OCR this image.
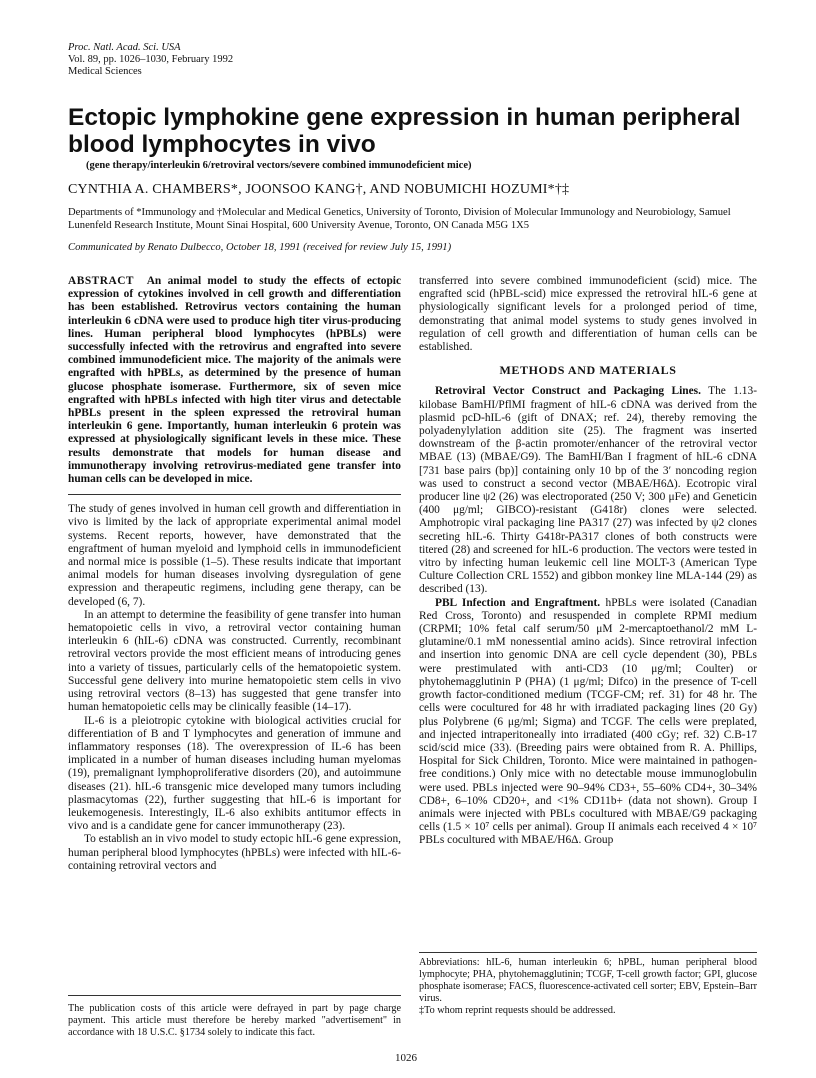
Proc. Natl. Acad. Sci. USA
Vol. 89, pp. 1026–1030, February 1992
Medical Sciences
Ectopic lymphokine gene expression in human peripheral blood lymphocytes in vivo
(gene therapy/interleukin 6/retroviral vectors/severe combined immunodeficient mice)
CYNTHIA A. CHAMBERS*, JOONSOO KANG†, AND NOBUMICHI HOZUMI*†‡
Departments of *Immunology and †Molecular and Medical Genetics, University of Toronto, Division of Molecular Immunology and Neurobiology, Samuel Lunenfeld Research Institute, Mount Sinai Hospital, 600 University Avenue, Toronto, ON Canada M5G 1X5
Communicated by Renato Dulbecco, October 18, 1991 (received for review July 15, 1991)

ABSTRACT An animal model to study the effects of ectopic expression of cytokines involved in cell growth and differentiation has been established. Retrovirus vectors containing the human interleukin 6 cDNA were used to produce high titer virus-producing lines. Human peripheral blood lymphocytes (hPBLs) were successfully infected with the retrovirus and engrafted into severe combined immunodeficient mice. The majority of the animals were engrafted with hPBLs, as determined by the presence of human glucose phosphate isomerase. Furthermore, six of seven mice engrafted with hPBLs infected with high titer virus and detectable hPBLs present in the spleen expressed the retroviral human interleukin 6 gene. Importantly, human interleukin 6 protein was expressed at physiologically significant levels in these mice. These results demonstrate that models for human disease and immunotherapy involving retrovirus-mediated gene transfer into human cells can be developed in mice.

The study of genes involved in human cell growth and differentiation in vivo is limited by the lack of appropriate experimental animal model systems. Recent reports, however, have demonstrated that the engraftment of human myeloid and lymphoid cells in immunodeficient and normal mice is possible (1–5). These results indicate that important animal models for human diseases involving dysregulation of gene expression and therapeutic regimens, including gene therapy, can be developed (6, 7).

In an attempt to determine the feasibility of gene transfer into human hematopoietic cells in vivo, a retroviral vector containing human interleukin 6 (hIL-6) cDNA was constructed. Currently, recombinant retroviral vectors provide the most efficient means of introducing genes into a variety of tissues, particularly cells of the hematopoietic system. Successful gene delivery into murine hematopoietic stem cells in vivo using retroviral vectors (8–13) has suggested that gene transfer into human hematopoietic cells may be clinically feasible (14–17).

IL-6 is a pleiotropic cytokine with biological activities crucial for differentiation of B and T lymphocytes and generation of immune and inflammatory responses (18). The overexpression of IL-6 has been implicated in a number of human diseases including human myelomas (19), premalignant lymphoproliferative disorders (20), and autoimmune diseases (21). hIL-6 transgenic mice developed many tumors including plasmacytomas (22), further suggesting that hIL-6 is important for leukemogenesis. Interestingly, IL-6 also exhibits antitumor effects in vivo and is a candidate gene for cancer immunotherapy (23).

To establish an in vivo model to study ectopic hIL-6 gene expression, human peripheral blood lymphocytes (hPBLs) were infected with hIL-6-containing retroviral vectors and

transferred into severe combined immunodeficient (scid) mice. The engrafted scid (hPBL-scid) mice expressed the retroviral hIL-6 gene at physiologically significant levels for a prolonged period of time, demonstrating that animal model systems to study genes involved in regulation of cell growth and differentiation of human cells can be established.

METHODS AND MATERIALS

Retroviral Vector Construct and Packaging Lines. The 1.13-kilobase BamHI/PflMI fragment of hIL-6 cDNA was derived from the plasmid pcD-hIL-6 (gift of DNAX; ref. 24), thereby removing the polyadenylylation addition site (25). The fragment was inserted downstream of the β-actin promoter/enhancer of the retroviral vector MBAE (13) (MBAE/G9). The BamHI/Ban I fragment of hIL-6 cDNA [731 base pairs (bp)] containing only 10 bp of the 3′ noncoding region was used to construct a second vector (MBAE/H6Δ). Ecotropic viral producer line ψ2 (26) was electroporated (250 V; 300 μFe) and Geneticin (400 μg/ml; GIBCO)-resistant (G418r) clones were selected. Amphotropic viral packaging line PA317 (27) was infected by ψ2 clones secreting hIL-6. Thirty G418r-PA317 clones of both constructs were titered (28) and screened for hIL-6 production. The vectors were tested in vitro by infecting human leukemic cell line MOLT-3 (American Type Culture Collection CRL 1552) and gibbon monkey line MLA-144 (29) as described (13).

PBL Infection and Engraftment. hPBLs were isolated (Canadian Red Cross, Toronto) and resuspended in complete RPMI medium (CRPMI; 10% fetal calf serum/50 μM 2-mercaptoethanol/2 mM L-glutamine/0.1 mM nonessential amino acids). Since retroviral infection and insertion into genomic DNA are cell cycle dependent (30), PBLs were prestimulated with anti-CD3 (10 μg/ml; Coulter) or phytohemagglutinin P (PHA) (1 μg/ml; Difco) in the presence of T-cell growth factor-conditioned medium (TCGF-CM; ref. 31) for 48 hr. The cells were cocultured for 48 hr with irradiated packaging lines (20 Gy) plus Polybrene (6 μg/ml; Sigma) and TCGF. The cells were preplated, and injected intraperitoneally into irradiated (400 cGy; ref. 32) C.B-17 scid/scid mice (33). (Breeding pairs were obtained from R. A. Phillips, Hospital for Sick Children, Toronto. Mice were maintained in pathogen-free conditions.) Only mice with no detectable mouse immunoglobulin were used. PBLs injected were 90–94% CD3+, 55–60% CD4+, 30–34% CD8+, 6–10% CD20+, and <1% CD11b+ (data not shown). Group I animals were injected with PBLs cocultured with MBAE/G9 packaging cells (1.5 × 10⁷ cells per animal). Group II animals each received 4 × 10⁷ PBLs cocultured with MBAE/H6Δ. Group

The publication costs of this article were defrayed in part by page charge payment. This article must therefore be hereby marked "advertisement" in accordance with 18 U.S.C. §1734 solely to indicate this fact.
Abbreviations: hIL-6, human interleukin 6; hPBL, human peripheral blood lymphocyte; PHA, phytohemagglutinin; TCGF, T-cell growth factor; GPI, glucose phosphate isomerase; FACS, fluorescence-activated cell sorter; EBV, Epstein–Barr virus.
‡To whom reprint requests should be addressed.
1026
